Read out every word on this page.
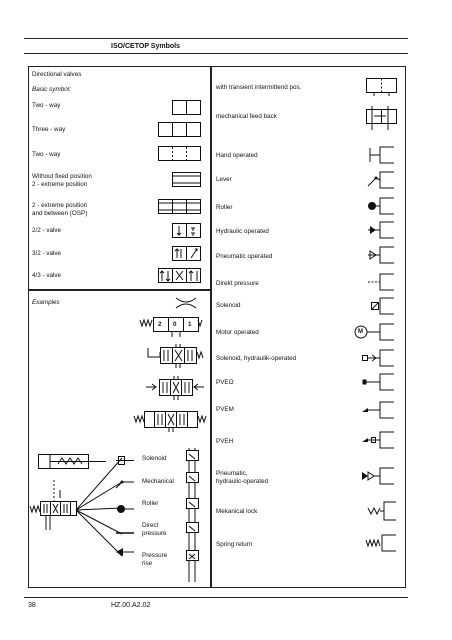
ISO/CETOP Symbols
Directional valves
Basic symbol:
Two - way
Three - way
Two - way
Without fixed position
2 - extreme position
2 - extreme position
and between (OSP)
2/2 - valve
3/2 - valve
4/3 - valve
Examples
2 0 1
Solenoid
Mechanical
Roller
Direct
pressure
Pressure
rise
with transient intermittend pos.
mechanical feed back
Hand operated
Lever
Roller
Hydraulic operated
Pneumatic operated
Direkt pressure
Solenoid
Motor operated
Solenoid, hydraulik-operated
PVEO
PVEM
PVEH
Pneumatic,
hydraulic-operated
Mekanical lock
Spring return
M
38	HZ.00.A2.02
